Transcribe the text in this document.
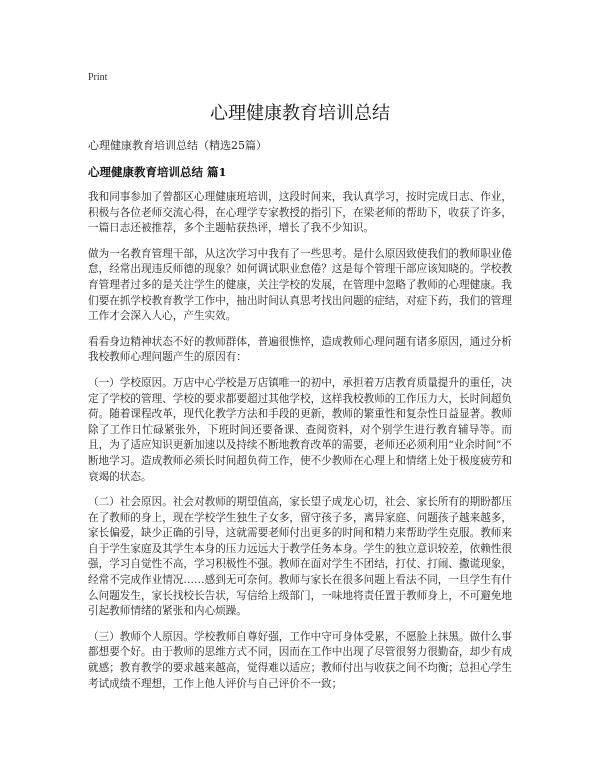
Print

心理健康教育培训总结

心理健康教育培训总结（精选25篇）

心理健康教育培训总结 篇1

我和同事参加了曾都区心理健康班培训，这段时间来，我认真学习，按时完成日志、作业，积极与各位老师交流心得，在心理学专家教授的指引下，在梁老师的帮助下，收获了许多，一篇日志还被推荐，多个主题帖获热评，增长了我不少知识。

做为一名教育管理干部，从这次学习中我有了一些思考。是什么原因致使我们的教师职业倦怠，经常出现违反师德的现象？如何调试职业怠倦？这是每个管理干部应该知晓的。学校教育管理者过多的是关注学生的健康，关注学校的发展，在管理中忽略了教师的心理健康。我们要在抓学校教育教学工作中，抽出时间认真思考找出问题的症结，对症下药，我们的管理工作才会深入人心，产生实效。

看看身边精神状态不好的教师群体，普遍很憔悴，造成教师心理问题有诸多原因，通过分析我校教师心理问题产生的原因有：

（一）学校原因。万店中心学校是万店镇唯一的初中，承担着万店教育质量提升的重任，决定了学校的管理、学校的要求都要超过其他学校，这样我校教师的工作压力大，长时间超负荷。随着课程改革，现代化教学方法和手段的更新，教师的繁重性和复杂性日益显著。教师除了工作日忙碌紧张外，下班时间还要备课、查阅资料，对个别学生进行教育辅导等。而且，为了适应知识更新加速以及持续不断地教育改革的需要，老师还必须利用“业余时间”不断地学习。造成教师必须长时间超负荷工作，使不少教师在心理上和情绪上处于极度疲劳和衰竭的状态。

（二）社会原因。社会对教师的期望值高，家长望子成龙心切，社会、家长所有的期盼都压在了教师的身上，现在学校学生独生子女多，留守孩子多，离异家庭、问题孩子越来越多，家长偏爱，缺少正确的引导，这就需要老师付出更多的时间和精力来帮助学生克服。教师来自于学生家庭及其学生本身的压力远远大于教学任务本身。学生的独立意识较差，依赖性很强，学习自觉性不高，学习积极性不强。教师在面对学生不团结，打仗、打闹、撒谎现象，经常不完成作业情况……感到无可奈何。教师与家长在很多问题上看法不同，一旦学生有什么问题发生，家长找校长告状，写信给上级部门，一味地将责任置于教师身上，不可避免地引起教师情绪的紧张和内心烦躁。

（三）教师个人原因。学校教师自尊好强，工作中守可身体受累，不愿脸上抹黑。做什么事都想要个好。由于教师的思维方式不同，因而在工作中出现了尽管很努力很勤奋，却少有成就感；教育教学的要求越来越高，觉得难以适应；教师付出与收获之间不均衡；总担心学生考试成绩不理想，工作上他人评价与自己评价不一致；
